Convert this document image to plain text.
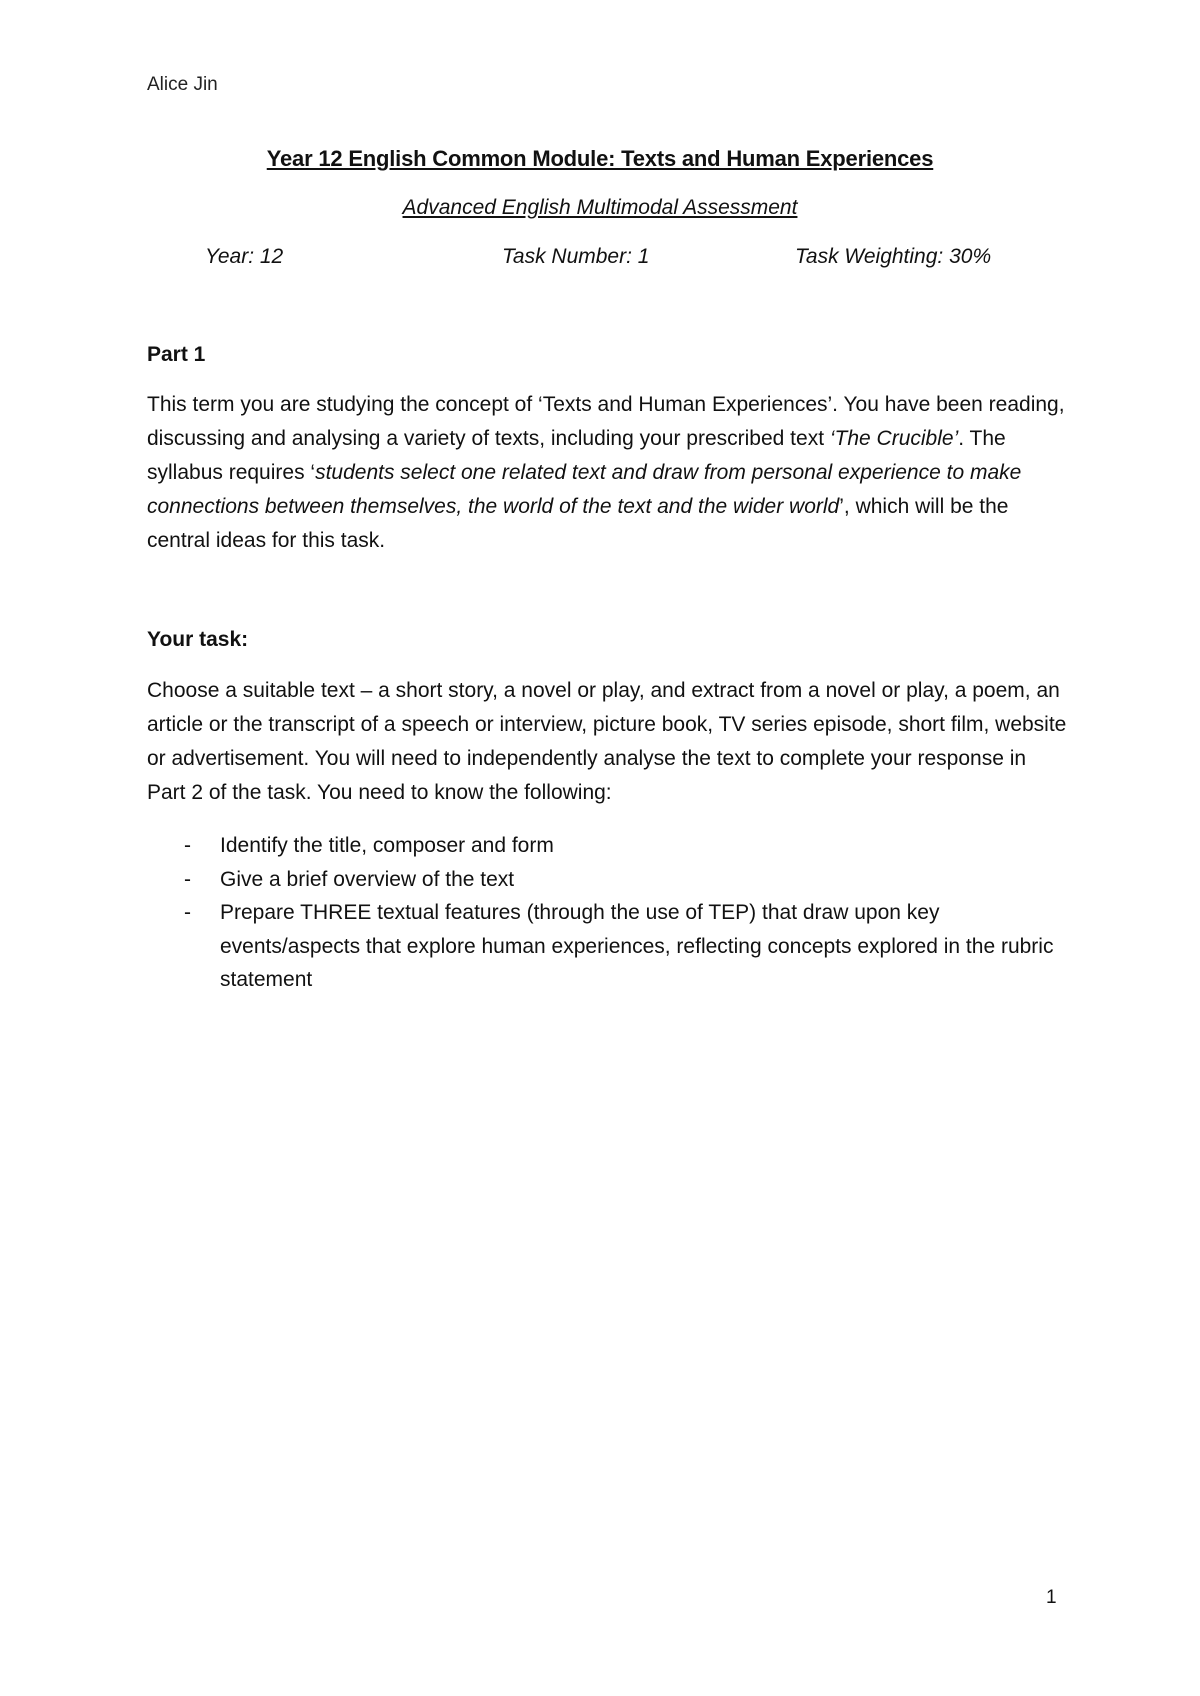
Alice Jin
Year 12 English Common Module: Texts and Human Experiences
Advanced English Multimodal Assessment
Year: 12	Task Number: 1	Task Weighting: 30%
Part 1
This term you are studying the concept of ‘Texts and Human Experiences’. You have been reading, discussing and analysing a variety of texts, including your prescribed text ‘The Crucible’. The syllabus requires ‘students select one related text and draw from personal experience to make connections between themselves, the world of the text and the wider world’, which will be the central ideas for this task.
Your task:
Choose a suitable text – a short story, a novel or play, and extract from a novel or play, a poem, an article or the transcript of a speech or interview, picture book, TV series episode, short film, website or advertisement. You will need to independently analyse the text to complete your response in Part 2 of the task. You need to know the following:
- Identify the title, composer and form
- Give a brief overview of the text
- Prepare THREE textual features (through the use of TEP) that draw upon key events/aspects that explore human experiences, reflecting concepts explored in the rubric statement
1
